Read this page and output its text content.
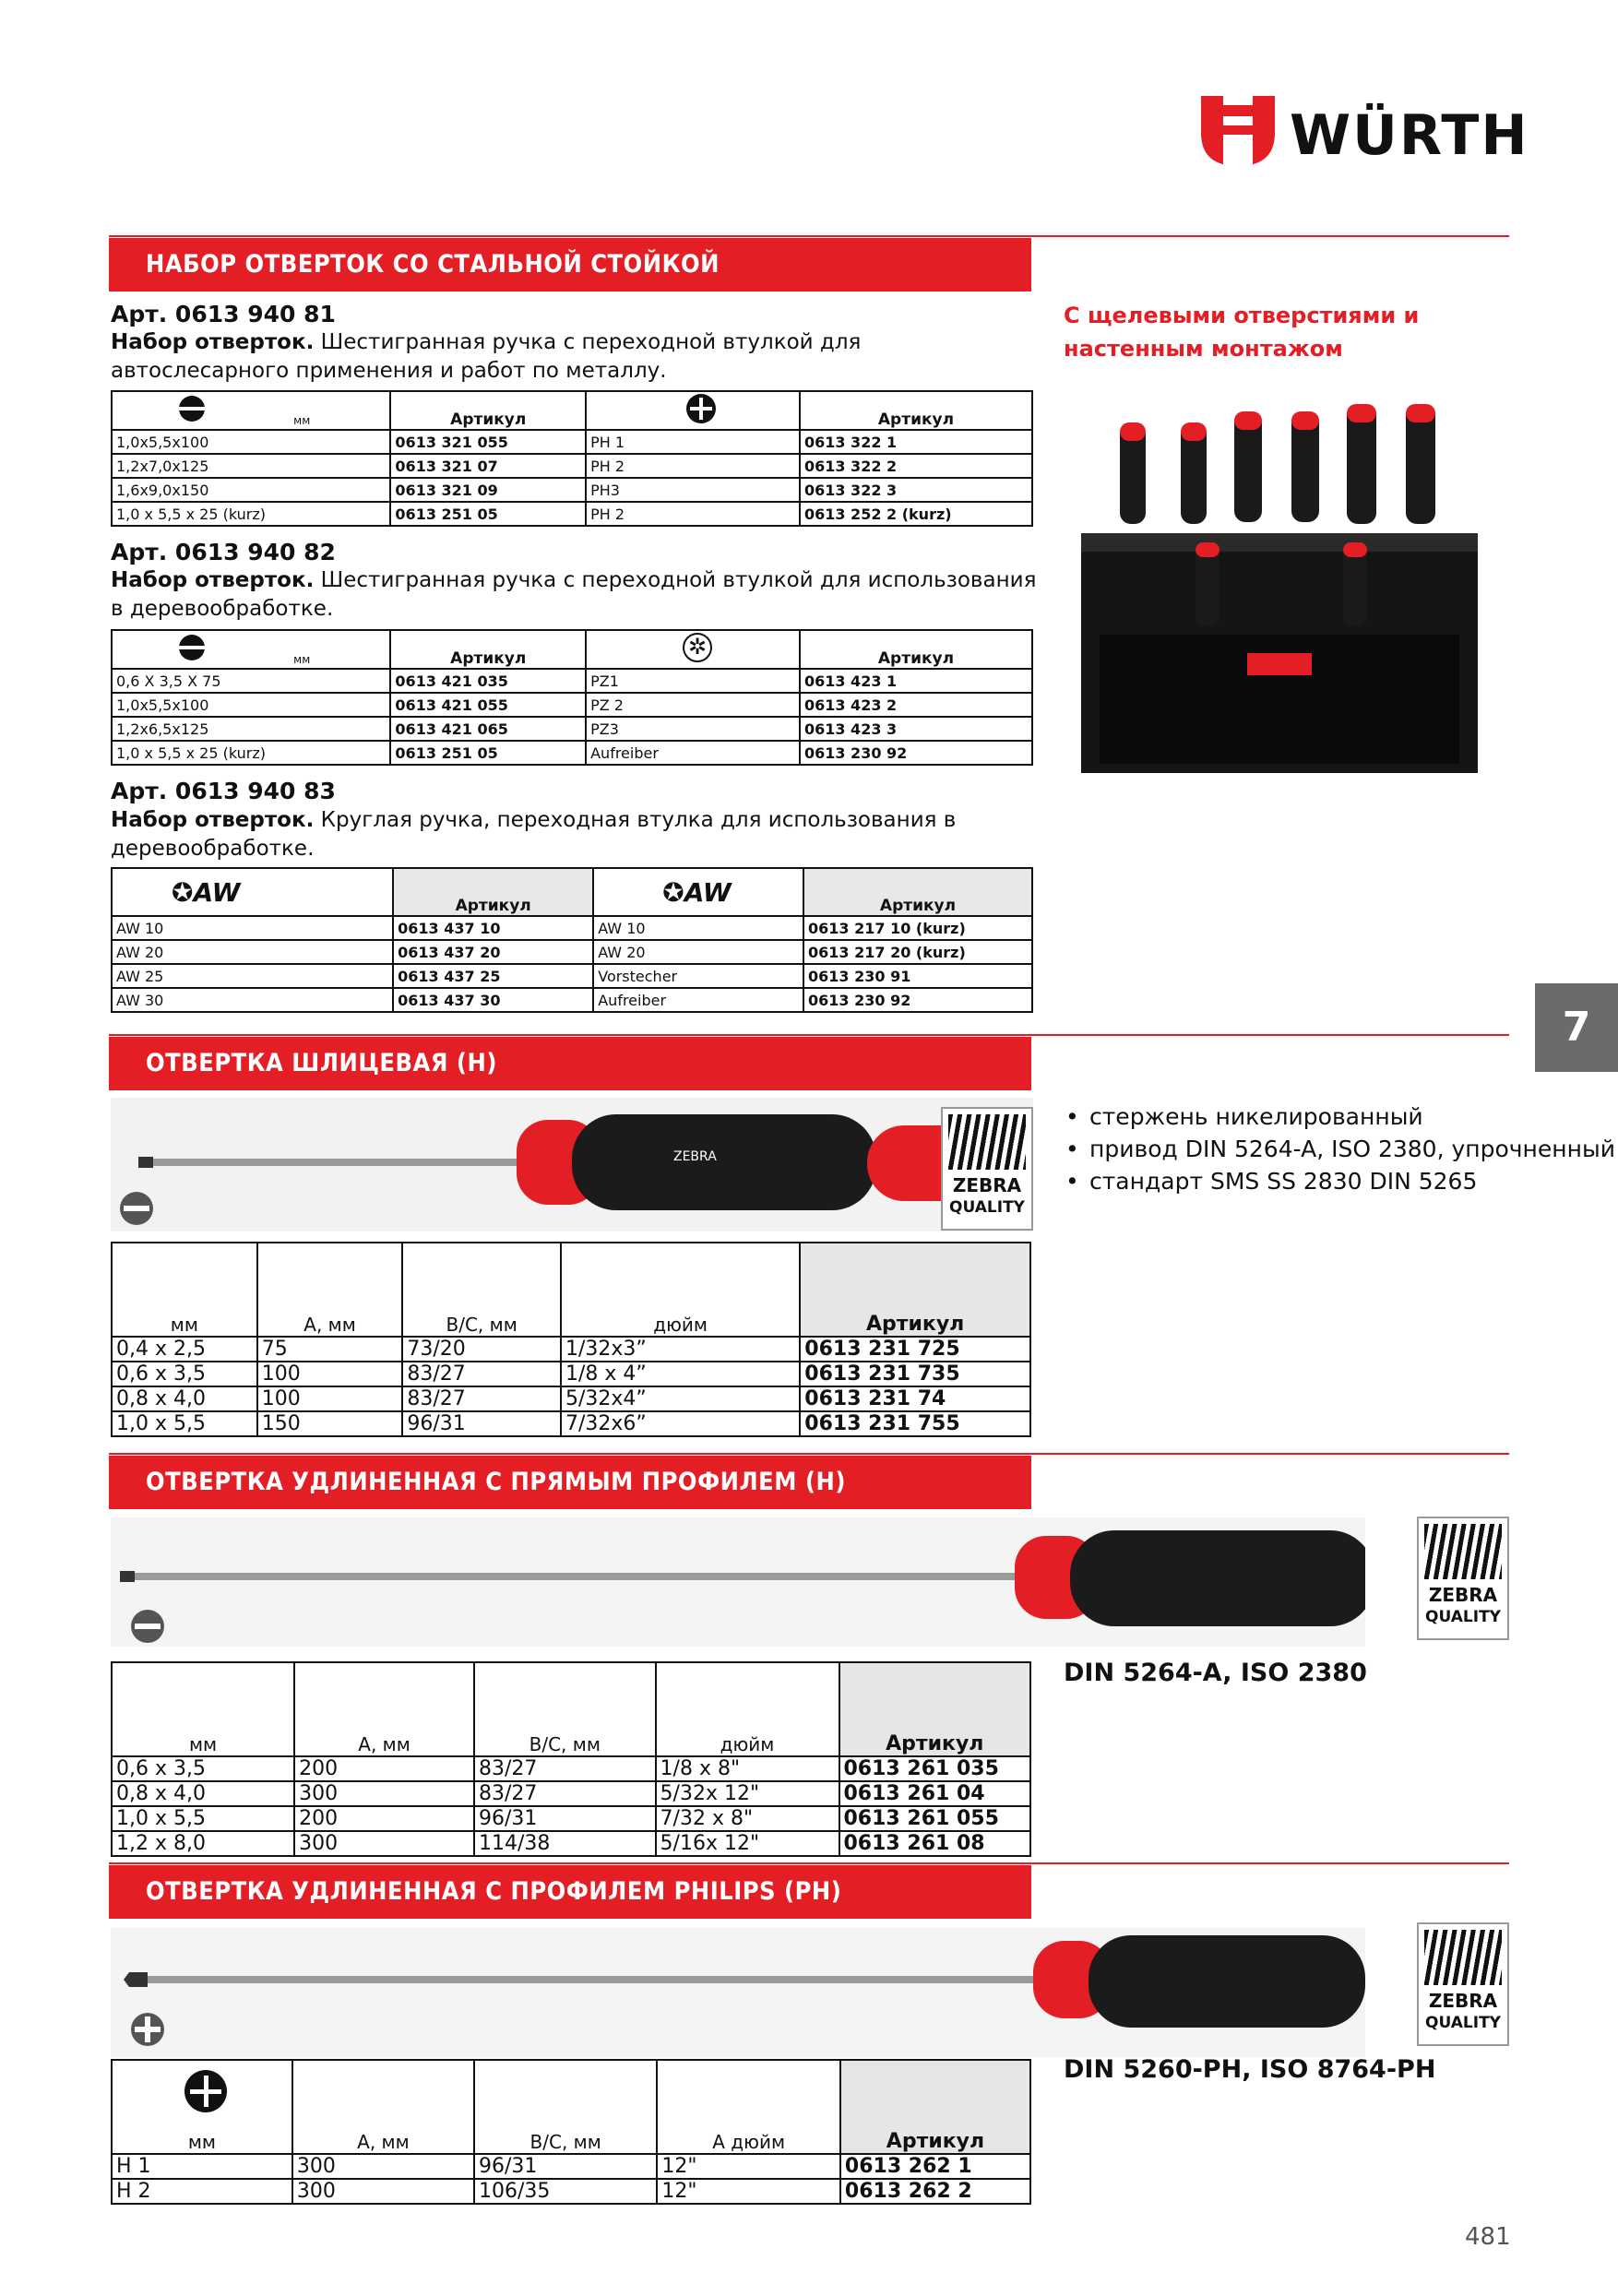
WÜRTH
НАБОР ОТВЕРТОК СО СТАЛЬНОЙ СТОЙКОЙ
Арт. 0613 940 81
Набор отверток. Шестигранная ручка с переходной втулкой для автослесарного применения и работ по металлу.
мм	Артикул		Артикул
1,0x5,5x100	0613 321 055	PH 1	0613 322 1
1,2x7,0x125	0613 321 07	PH 2	0613 322 2
1,6x9,0x150	0613 321 09	PH3	0613 322 3
1,0 x 5,5 x 25 (kurz)	0613 251 05	PH 2	0613 252 2 (kurz)
Арт. 0613 940 82
Набор отверток. Шестигранная ручка с переходной втулкой для использования в деревообработке.
мм	Артикул	✲	Артикул
0,6 X 3,5 X 75	0613 421 035	PZ1	0613 423 1
1,0x5,5x100	0613 421 055	PZ 2	0613 423 2
1,2x6,5x125	0613 421 065	PZ3	0613 423 3
1,0 x 5,5 x 25 (kurz)	0613 251 05	Aufreiber	0613 230 92
Арт. 0613 940 83
Набор отверток. Круглая ручка, переходная втулка для использования в деревообработке.
✪AW	Артикул	✪AW	Артикул
AW 10	0613 437 10	AW 10	0613 217 10 (kurz)
AW 20	0613 437 20	AW 20	0613 217 20 (kurz)
AW 25	0613 437 25	Vorstecher	0613 230 91
AW 30	0613 437 30	Aufreiber	0613 230 92
С щелевыми отверстиями и настенным монтажом
7
ОТВЕРТКА ШЛИЦЕВАЯ (H)
ZEBRA
ZEBRA
QUALITY
• стержень никелированный
• привод DIN 5264-A, ISO 2380, упрочненный
• стандарт SMS SS 2830 DIN 5265
мм	A, мм	B/C, мм	дюйм	Артикул
0,4 x 2,5	75	73/20	1/32x3”	0613 231 725
0,6 x 3,5	100	83/27	1/8 x 4”	0613 231 735
0,8 x 4,0	100	83/27	5/32x4”	0613 231 74
1,0 x 5,5	150	96/31	7/32x6”	0613 231 755
ОТВЕРТКА УДЛИНЕННАЯ С ПРЯМЫМ ПРОФИЛЕМ (H)
ZEBRA
QUALITY
DIN 5264-A, ISO 2380
мм	A, мм	B/C, мм	дюйм	Артикул
0,6 x 3,5	200	83/27	1/8 x 8"	0613 261 035
0,8 x 4,0	300	83/27	5/32x 12"	0613 261 04
1,0 x 5,5	200	96/31	7/32 x 8"	0613 261 055
1,2 x 8,0	300	114/38	5/16x 12"	0613 261 08
ОТВЕРТКА УДЛИНЕННАЯ С ПРОФИЛЕМ PHILIPS (PH)
ZEBRA
QUALITY
DIN 5260-PH, ISO 8764-PH
мм	A, мм	B/C, мм	A дюйм	Артикул
H 1	300	96/31	12"	0613 262 1
H 2	300	106/35	12"	0613 262 2
481
